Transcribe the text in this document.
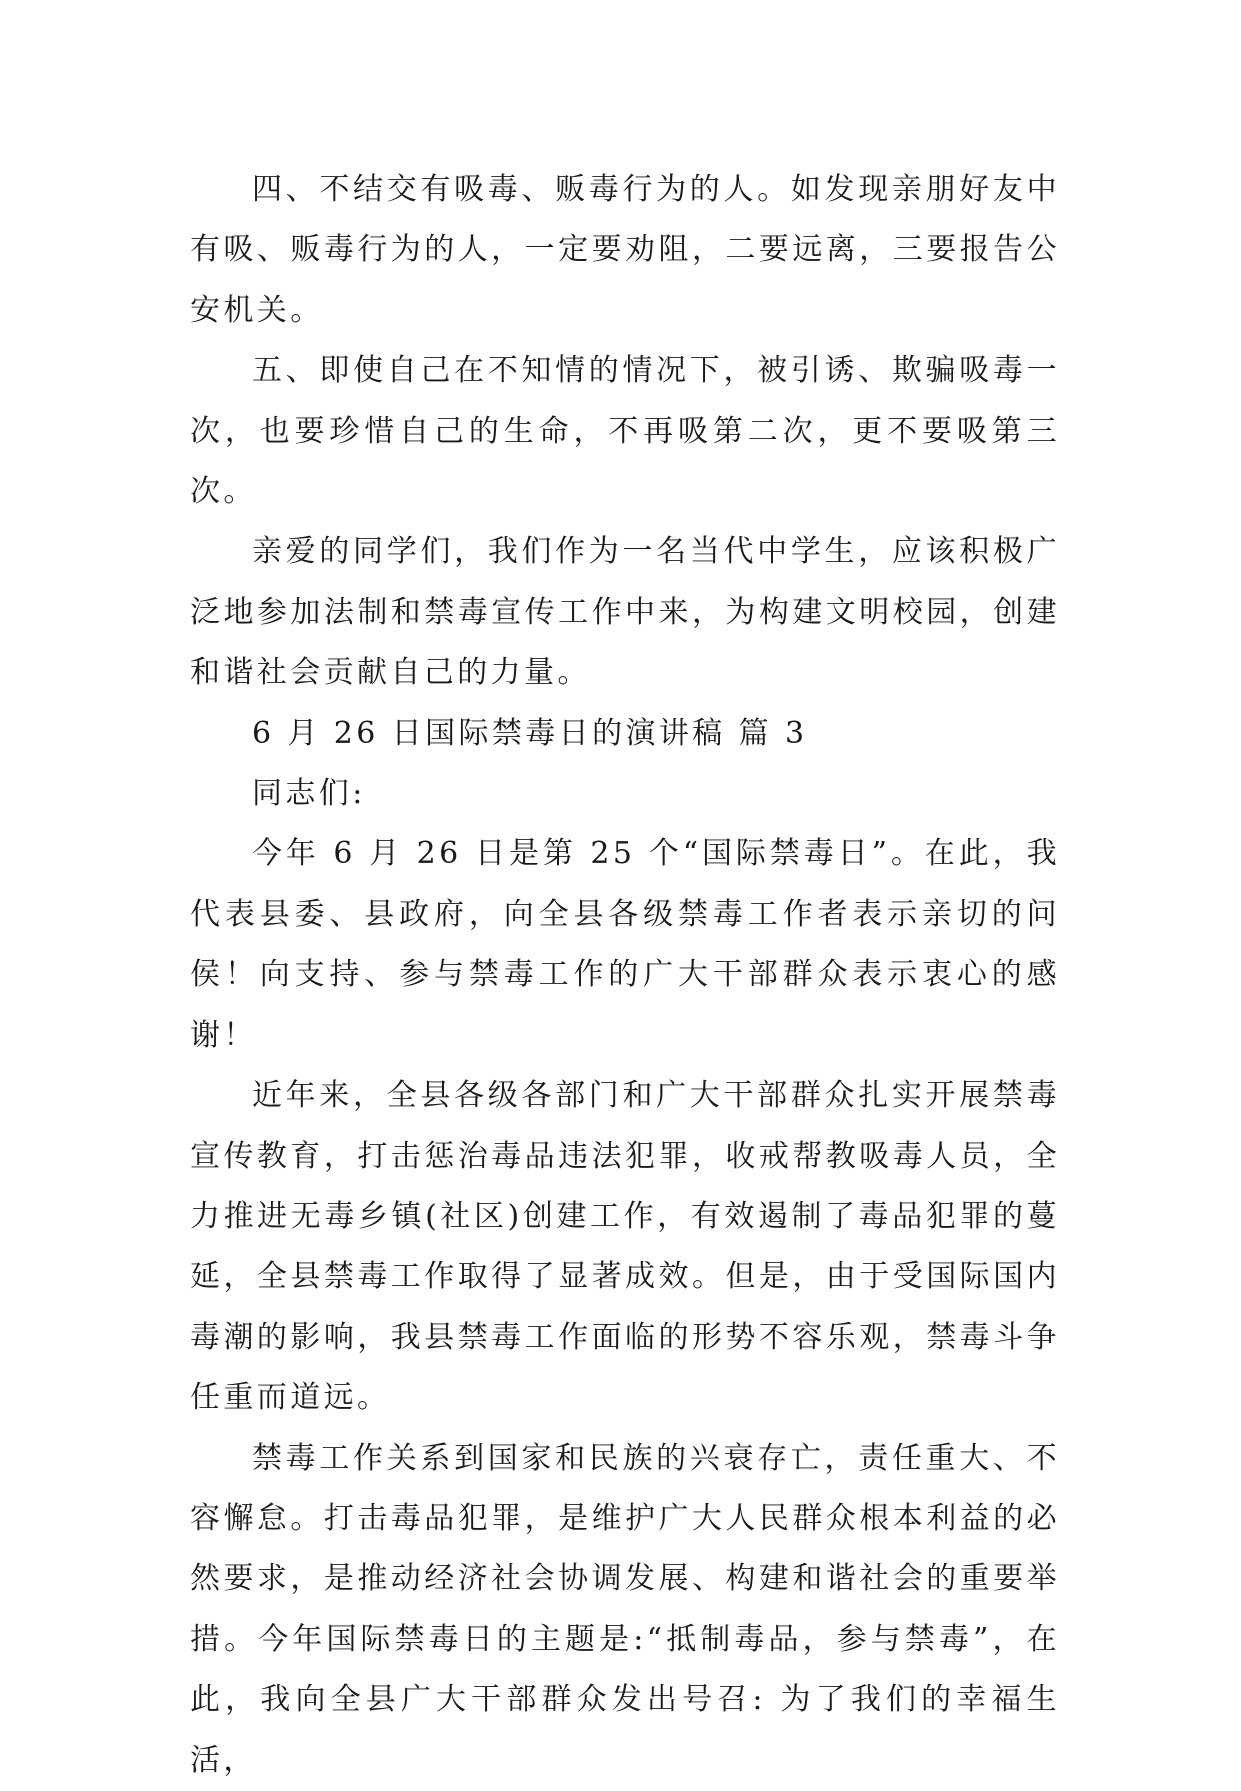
四、不结交有吸毒、贩毒行为的人。如发现亲朋好友中有吸、贩毒行为的人，一定要劝阻，二要远离，三要报告公安机关。

五、即使自己在不知情的情况下，被引诱、欺骗吸毒一次，也要珍惜自己的生命，不再吸第二次，更不要吸第三次。

亲爱的同学们，我们作为一名当代中学生，应该积极广泛地参加法制和禁毒宣传工作中来，为构建文明校园，创建和谐社会贡献自己的力量。

6 月 26 日国际禁毒日的演讲稿 篇 3

同志们:

今年 6 月 26 日是第 25 个“国际禁毒日”。在此，我代表县委、县政府，向全县各级禁毒工作者表示亲切的问侯！向支持、参与禁毒工作的广大干部群众表示衷心的感谢！

近年来，全县各级各部门和广大干部群众扎实开展禁毒宣传教育，打击惩治毒品违法犯罪，收戒帮教吸毒人员，全力推进无毒乡镇(社区)创建工作，有效遏制了毒品犯罪的蔓延，全县禁毒工作取得了显著成效。但是，由于受国际国内毒潮的影响，我县禁毒工作面临的形势不容乐观，禁毒斗争任重而道远。

禁毒工作关系到国家和民族的兴衰存亡，责任重大、不容懈怠。打击毒品犯罪，是维护广大人民群众根本利益的必然要求，是推动经济社会协调发展、构建和谐社会的重要举措。今年国际禁毒日的主题是:“抵制毒品，参与禁毒”，在此，我向全县广大干部群众发出号召: 为了我们的幸福生活，
